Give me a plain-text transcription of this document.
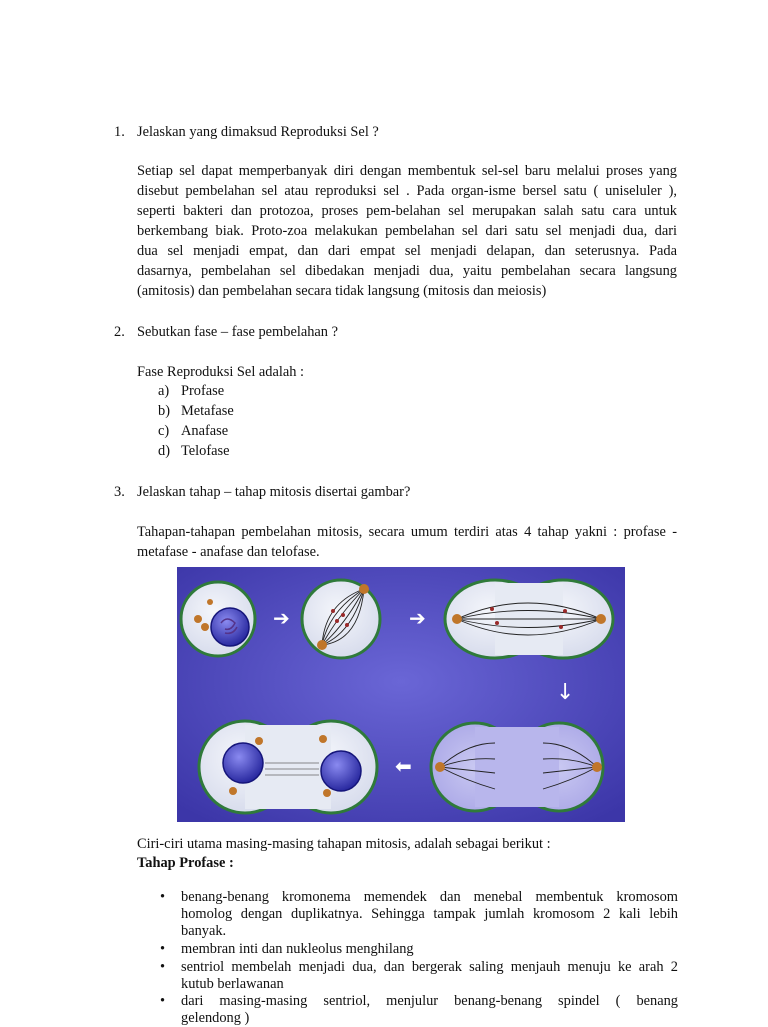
1. Jelaskan yang dimaksud Reproduksi Sel ?
Setiap sel dapat memperbanyak diri dengan membentuk sel-sel baru melalui proses yang
disebut pembelahan sel atau reproduksi sel . Pada organ-isme bersel satu ( uniseluler ),
seperti bakteri dan protozoa, proses pem-belahan sel merupakan salah satu cara untuk
berkembang biak. Proto-zoa melakukan pembelahan sel dari satu sel menjadi dua, dari
dua sel menjadi empat, dan dari empat sel menjadi delapan, dan seterusnya. Pada
dasarnya, pembelahan sel dibedakan menjadi dua, yaitu pembelahan secara langsung
(amitosis) dan pembelahan secara tidak langsung (mitosis dan meiosis)
2. Sebutkan fase – fase pembelahan ?
Fase Reproduksi Sel adalah :
a) Profase
b) Metafase
c) Anafase
d) Telofase
3. Jelaskan tahap – tahap mitosis disertai gambar?
Tahapan-tahapan pembelahan mitosis, secara umum terdiri atas 4 tahap yakni : profase -
metafase - anafase dan telofase.
➔	➔
↓
⬅
Ciri-ciri utama masing-masing tahapan mitosis, adalah sebagai berikut :
Tahap Profase :
• benang-benang kromonema memendek dan menebal membentuk kromosom
homolog dengan duplikatnya. Sehingga tampak jumlah kromosom 2 kali lebih
banyak.
• membran inti dan nukleolus menghilang
• sentriol membelah menjadi dua, dan bergerak saling menjauh menuju ke arah 2
kutub berlawanan
• dari masing-masing sentriol, menjulur benang-benang spindel ( benang
gelendong )
